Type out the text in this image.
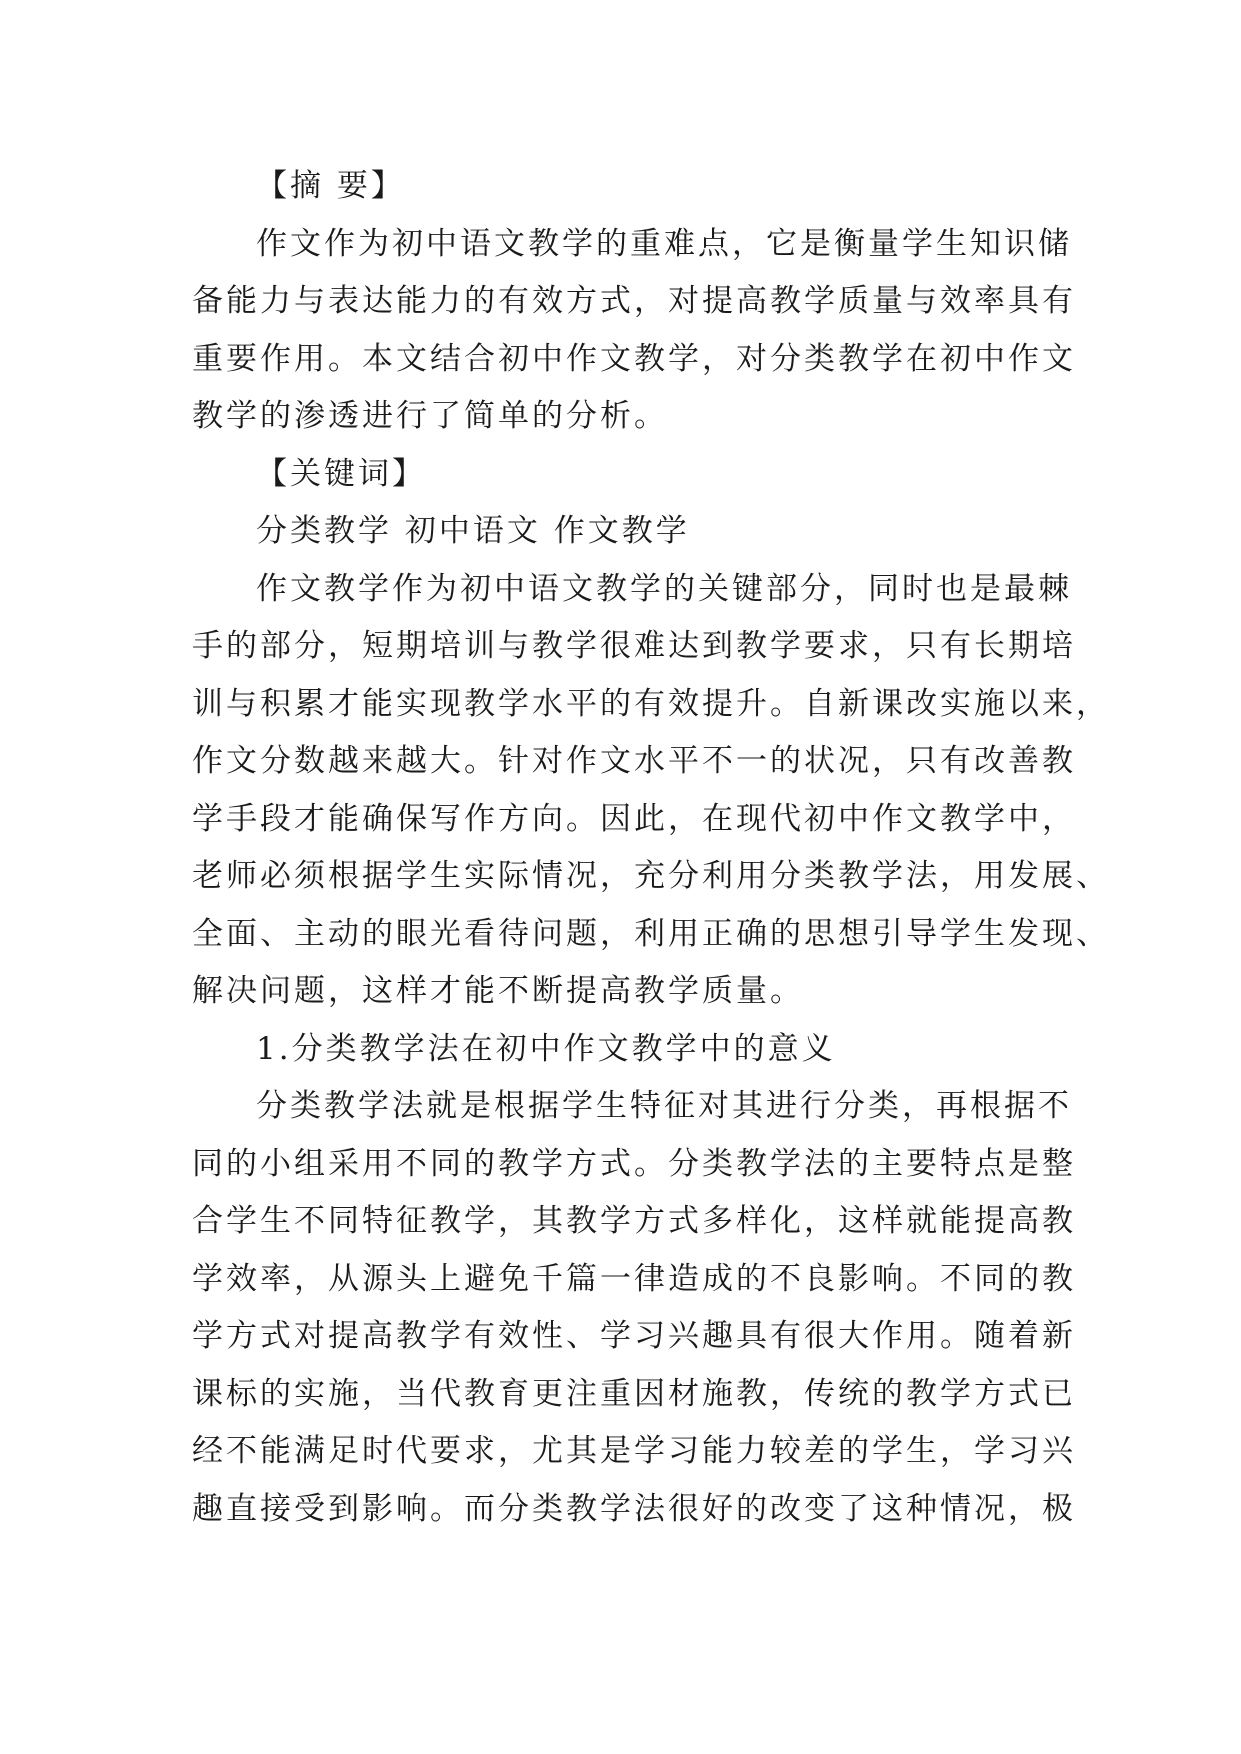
【摘 要】
作文作为初中语文教学的重难点，它是衡量学生知识储
备能力与表达能力的有效方式，对提高教学质量与效率具有
重要作用。本文结合初中作文教学，对分类教学在初中作文
教学的渗透进行了简单的分析。
【关键词】
分类教学 初中语文 作文教学
作文教学作为初中语文教学的关键部分，同时也是最棘
手的部分，短期培训与教学很难达到教学要求，只有长期培
训与积累才能实现教学水平的有效提升。自新课改实施以来，
作文分数越来越大。针对作文水平不一的状况，只有改善教
学手段才能确保写作方向。因此，在现代初中作文教学中，
老师必须根据学生实际情况，充分利用分类教学法，用发展、
全面、主动的眼光看待问题，利用正确的思想引导学生发现、
解决问题，这样才能不断提高教学质量。
1.分类教学法在初中作文教学中的意义
分类教学法就是根据学生特征对其进行分类，再根据不
同的小组采用不同的教学方式。分类教学法的主要特点是整
合学生不同特征教学，其教学方式多样化，这样就能提高教
学效率，从源头上避免千篇一律造成的不良影响。不同的教
学方式对提高教学有效性、学习兴趣具有很大作用。随着新
课标的实施，当代教育更注重因材施教，传统的教学方式已
经不能满足时代要求，尤其是学习能力较差的学生，学习兴
趣直接受到影响。而分类教学法很好的改变了这种情况，极
